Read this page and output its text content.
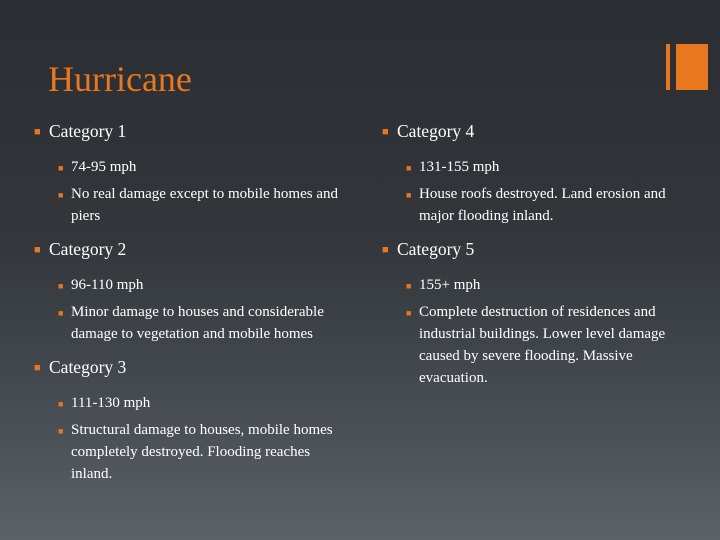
Hurricane
■ Category 1
■ 74-95 mph
■ No real damage except to mobile homes and piers
■ Category 2
■ 96-110 mph
■ Minor damage to houses and considerable damage to vegetation and mobile homes
■ Category 3
■ 111-130 mph
■ Structural damage to houses, mobile homes completely destroyed. Flooding reaches inland.
■ Category 4
■ 131-155 mph
■ House roofs destroyed. Land erosion and major flooding inland.
■ Category 5
■ 155+ mph
■ Complete destruction of residences and industrial buildings. Lower level damage caused by severe flooding. Massive evacuation.
